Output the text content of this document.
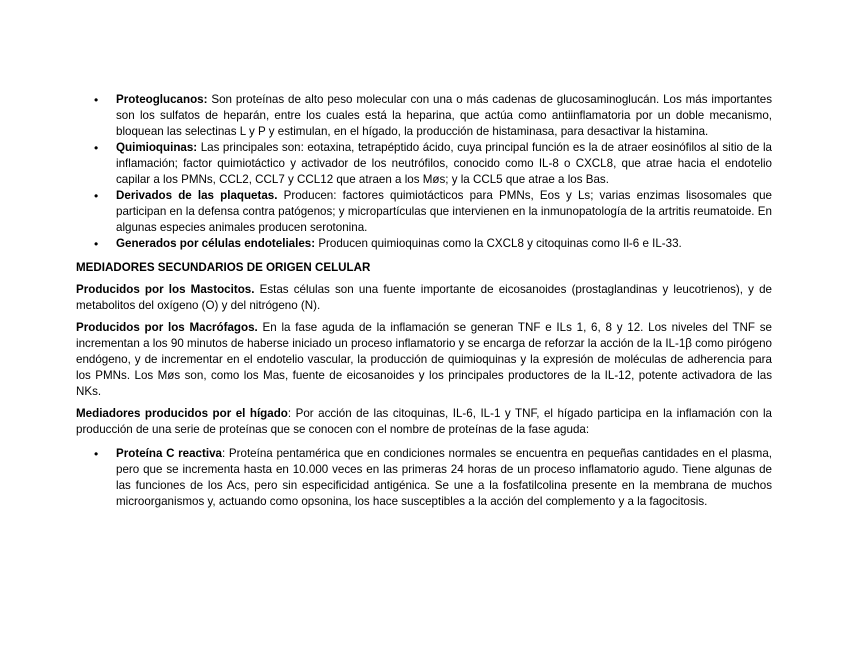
• Proteoglucanos: Son proteínas de alto peso molecular con una o más cadenas de glucosaminoglucán. Los más importantes son los sulfatos de heparán, entre los cuales está la heparina, que actúa como antiinflamatoria por un doble mecanismo, bloquean las selectinas L y P y estimulan, en el hígado, la producción de histaminasa, para desactivar la histamina.
• Quimioquinas: Las principales son: eotaxina, tetrapéptido ácido, cuya principal función es la de atraer eosinófilos al sitio de la inflamación; factor quimiotáctico y activador de los neutrófilos, conocido como IL-8 o CXCL8, que atrae hacia el endotelio capilar a los PMNs, CCL2, CCL7 y CCL12 que atraen a los Møs; y la CCL5 que atrae a los Bas.
• Derivados de las plaquetas. Producen: factores quimiotácticos para PMNs, Eos y Ls; varias enzimas lisosomales que participan en la defensa contra patógenos; y micropartículas que intervienen en la inmunopatología de la artritis reumatoide. En algunas especies animales producen serotonina.
• Generados por células endoteliales: Producen quimioquinas como la CXCL8 y citoquinas como Il-6 e IL-33.
MEDIADORES SECUNDARIOS DE ORIGEN CELULAR

Producidos por los Mastocitos. Estas células son una fuente importante de eicosanoides (prostaglandinas y leucotrienos), y de metabolitos del oxígeno (O) y del nitrógeno (N).

Producidos por los Macrófagos. En la fase aguda de la inflamación se generan TNF e ILs 1, 6, 8 y 12. Los niveles del TNF se incrementan a los 90 minutos de haberse iniciado un proceso inflamatorio y se encarga de reforzar la acción de la IL-1β como pirógeno endógeno, y de incrementar en el endotelio vascular, la producción de quimioquinas y la expresión de moléculas de adherencia para los PMNs. Los Møs son, como los Mas, fuente de eicosanoides y los principales productores de la IL-12, potente activadora de las NKs.

Mediadores producidos por el hígado: Por acción de las citoquinas, IL-6, IL-1 y TNF, el hígado participa en la inflamación con la producción de una serie de proteínas que se conocen con el nombre de proteínas de la fase aguda:

• Proteína C reactiva: Proteína pentamérica que en condiciones normales se encuentra en pequeñas cantidades en el plasma, pero que se incrementa hasta en 10.000 veces en las primeras 24 horas de un proceso inflamatorio agudo. Tiene algunas de las funciones de los Acs, pero sin especificidad antigénica. Se une a la fosfatilcolina presente en la membrana de muchos microorganismos y, actuando como opsonina, los hace susceptibles a la acción del complemento y a la fagocitosis.
